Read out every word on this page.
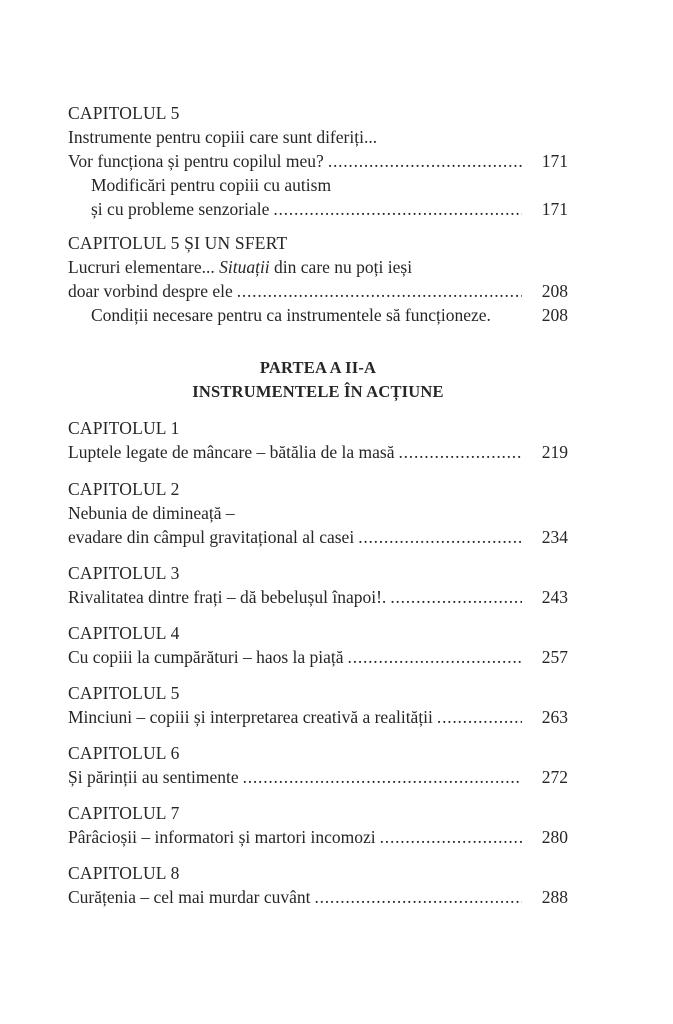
CAPITOLUL 5
Instrumente pentru copiii care sunt diferiți...
Vor funcționa și pentru copilul meu? . . .	171
Modificări pentru copiii cu autism
și cu probleme senzoriale . . .	171
CAPITOLUL 5 ȘI UN SFERT
Lucruri elementare... Situații din care nu poți ieși
doar vorbind despre ele . . .	208
Condiții necesare pentru ca instrumentele să funcționeze.	208
PARTEA A II-A
INSTRUMENTELE ÎN ACȚIUNE
CAPITOLUL 1
Luptele legate de mâncare – bătălia de la masă . . .	219
CAPITOLUL 2
Nebunia de dimineață –
evadare din câmpul gravitațional al casei . . .	234
CAPITOLUL 3
Rivalitatea dintre frați – dă bebelușul înapoi!. . . .	243
CAPITOLUL 4
Cu copiii la cumpărături – haos la piață . . .	257
CAPITOLUL 5
Minciuni – copiii și interpretarea creativă a realității . . .	263
CAPITOLUL 6
Și părinții au sentimente . . .	272
CAPITOLUL 7
Pârâcioșii – informatori și martori incomozi . . .	280
CAPITOLUL 8
Curățenia – cel mai murdar cuvânt . . .	288
